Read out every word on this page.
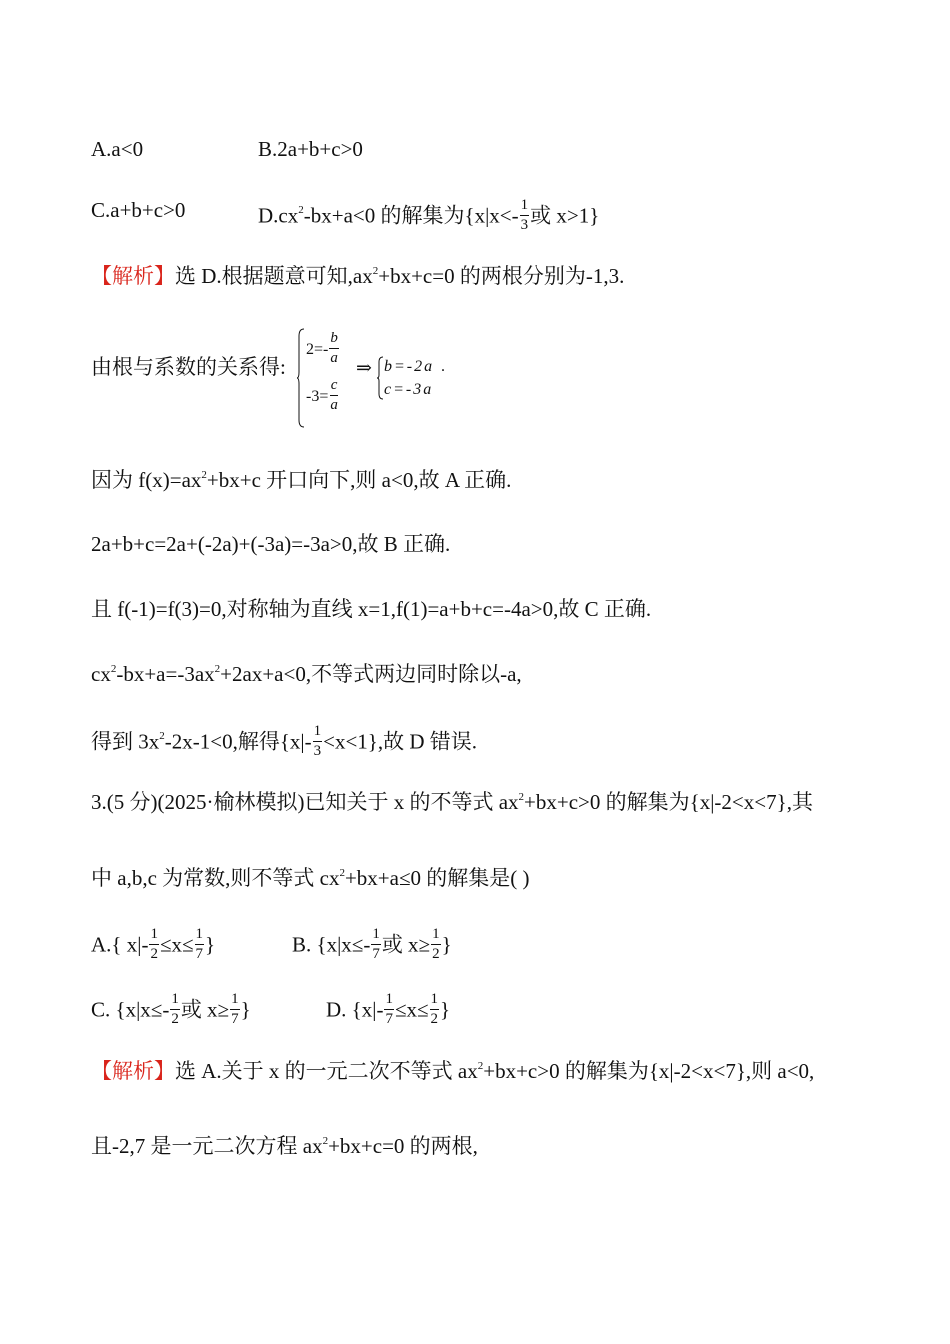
A.a<0	B.2a+b+c>0
C.a+b+c>0	$D.cx^2-bx+a<0$ 的解集为{$x|x<- \frac{1}{3}$ 或 x>1}
【解析】选 D.根据题意可知$,ax^2+bx+c=0$ 的两根分别为-1,3.
由根与系数的关系得:
$2=- \frac{b}{a}$
$-3= \frac{c}{a}$
⇒ b=-2a .
c=-3a
因为 $f(x)=ax^2+bx+c$ 开口向下,则 a<0,故 A 正确.
2a+b+c=2a+(-2a)+(-3a)=-3a>0,故 B 正确.
且 f(-1)=f(3)=0,对称轴为直线 x=1,f(1)=a+b+c=-4a>0,故 C 正确.
$cx^2-bx+a=-3ax^2+2ax+a<0$,不等式两边同时除以-a,
得到 $3x^2-2x-1<0$,解得$\{x|- \frac{1}{3} <x<1\}$,故 D 错误.
3.(5 分)(2025·榆林模拟)已知关于 x 的不等式 $ax^2+bx+c>0$ 的解集为{x|-2<x<7},其
中 a,b,c 为常数,则不等式 $cx^2+bx+a\le 0$ 的解集是( )
A.{ $x|- \frac{1}{2} \le x\le \frac{1}{7}$ }	B. {$x|x\le- \frac{1}{7}$ 或 $x\ge \frac{1}{2}$ }
C. {$x|x\le- \frac{1}{2}$ 或 $x\ge \frac{1}{7}$ }	D. {$x|- \frac{1}{7} \le x\le \frac{1}{2}$ }
【解析】选 A.关于 x 的一元二次不等式 $ax^2+bx+c>0$ 的解集为{x|-2<x<7},则 a<0,
且-2,7 是一元二次方程 $ax^2+bx+c=0$ 的两根,
